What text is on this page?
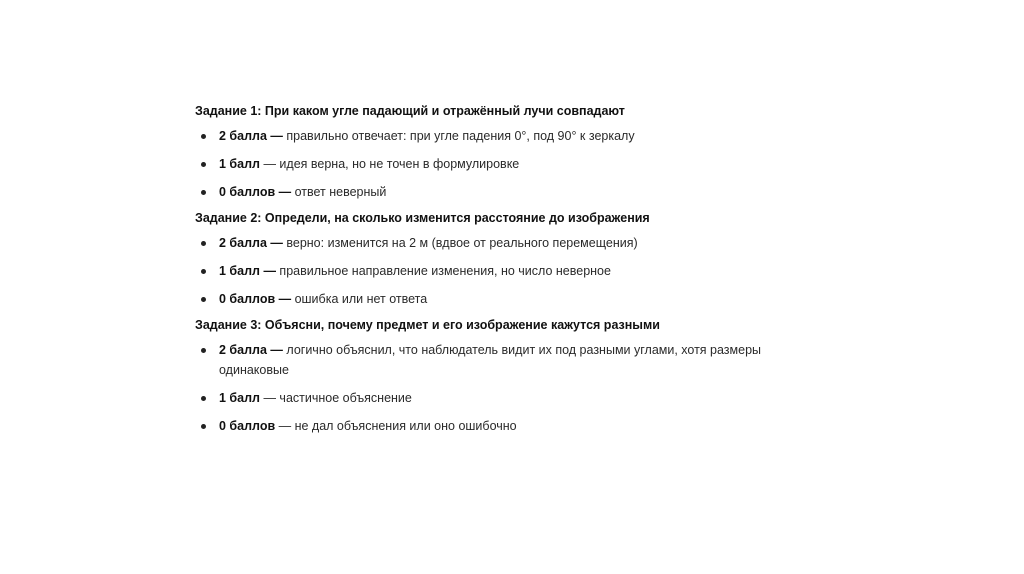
Задание 1: При каком угле падающий и отражённый лучи совпадают

2 балла — правильно отвечает: при угле падения 0°, под 90° к зеркалу
1 балл — идея верна, но не точен в формулировке
0 баллов — ответ неверный

Задание 2: Определи, на сколько изменится расстояние до изображения

2 балла — верно: изменится на 2 м (вдвое от реального перемещения)
1 балл — правильное направление изменения, но число неверное
0 баллов — ошибка или нет ответа

Задание 3: Объясни, почему предмет и его изображение кажутся разными

2 балла — логично объяснил, что наблюдатель видит их под разными углами, хотя размеры одинаковые
1 балл — частичное объяснение
0 баллов — не дал объяснения или оно ошибочно
